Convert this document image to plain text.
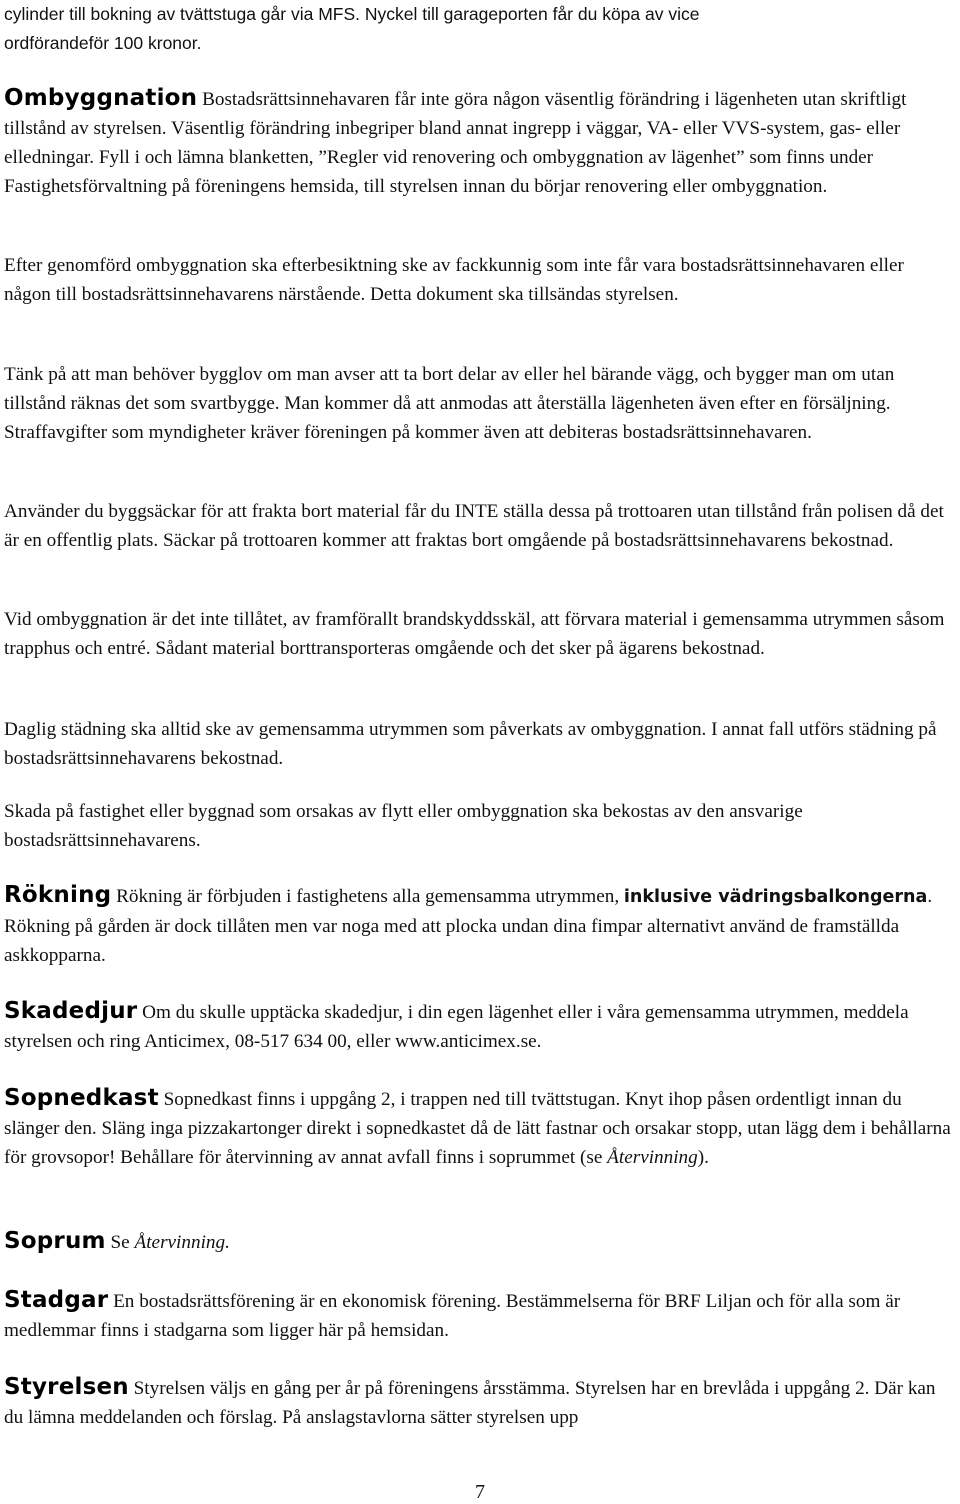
cylinder till bokning av tvättstuga går via MFS. Nyckel till garageporten får du köpa av vice

ordförandeför 100 kronor.

Ombyggnation Bostadsrättsinnehavaren får inte göra någon väsentlig förändring i lägenheten utan skriftligt tillstånd av styrelsen. Väsentlig förändring inbegriper bland annat ingrepp i väggar, VA- eller VVS-system, gas- eller elledningar. Fyll i och lämna blanketten, ”Regler vid renovering och ombyggnation av lägenhet” som finns under Fastighetsförvaltning på föreningens hemsida, till styrelsen innan du börjar renovering eller ombyggnation.

Efter genomförd ombyggnation ska efterbesiktning ske av fackkunnig som inte får vara bostadsrättsinnehavaren eller någon till bostadsrättsinnehavarens närstående. Detta dokument ska tillsändas styrelsen.

Tänk på att man behöver bygglov om man avser att ta bort delar av eller hel bärande vägg, och bygger man om utan tillstånd räknas det som svartbygge. Man kommer då att anmodas att återställa lägenheten även efter en försäljning. Straffavgifter som myndigheter kräver föreningen på kommer även att debiteras bostadsrättsinnehavaren.

Använder du byggsäckar för att frakta bort material får du INTE ställa dessa på trottoaren utan tillstånd från polisen då det är en offentlig plats. Säckar på trottoaren kommer att fraktas bort omgående på bostadsrättsinnehavarens bekostnad.

Vid ombyggnation är det inte tillåtet, av framförallt brandskyddsskäl, att förvara material i gemensamma utrymmen såsom trapphus och entré. Sådant material borttransporteras omgående och det sker på ägarens bekostnad.

Daglig städning ska alltid ske av gemensamma utrymmen som påverkats av ombyggnation. I annat fall utförs städning på bostadsrättsinnehavarens bekostnad.

Skada på fastighet eller byggnad som orsakas av flytt eller ombyggnation ska bekostas av den ansvarige bostadsrättsinnehavarens.

Rökning Rökning är förbjuden i fastighetens alla gemensamma utrymmen, inklusive vädringsbalkongerna. Rökning på gården är dock tillåten men var noga med att plocka undan dina fimpar alternativt använd de framställda askkopparna.

Skadedjur Om du skulle upptäcka skadedjur, i din egen lägenhet eller i våra gemensamma utrymmen, meddela styrelsen och ring Anticimex, 08-517 634 00, eller www.anticimex.se.

Sopnedkast Sopnedkast finns i uppgång 2, i trappen ned till tvättstugan. Knyt ihop påsen ordentligt innan du slänger den. Släng inga pizzakartonger direkt i sopnedkastet då de lätt fastnar och orsakar stopp, utan lägg dem i behållarna för grovsopor! Behållare för återvinning av annat avfall finns i soprummet (se Återvinning).

Soprum Se Återvinning.

Stadgar En bostadsrättsförening är en ekonomisk förening. Bestämmelserna för BRF Liljan och för alla som är medlemmar finns i stadgarna som ligger här på hemsidan.

Styrelsen Styrelsen väljs en gång per år på föreningens årsstämma. Styrelsen har en brevlåda i uppgång 2. Där kan du lämna meddelanden och förslag. På anslagstavlorna sätter styrelsen upp

7
